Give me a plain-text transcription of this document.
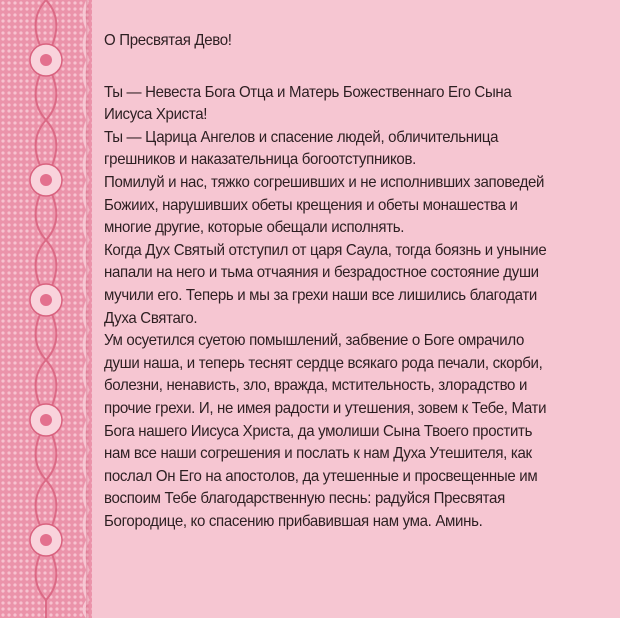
О Пресвятая Дево!
Ты — Невеста Бога Отца и Матерь Божественнаго Его Сына
Иисуса Христа!
Ты — Царица Ангелов и спасение людей, обличительница
грешников и наказательница богоотступников.
Помилуй и нас, тяжко согрешивших и не исполнивших заповедей
Божиих, нарушивших обеты крещения и обеты монашества и
многие другие, которые обещали исполнять.
Когда Дух Святый отступил от царя Саула, тогда боязнь и уныние
напали на него и тьма отчаяния и безрадостное состояние души
мучили его. Теперь и мы за грехи наши все лишились благодати
Духа Святаго.
Ум осуетился суетою помышлений, забвение о Боге омрачило
души наша, и теперь теснят сердце всякаго рода печали, скорби,
болезни, ненависть, зло, вражда, мстительность, злорадство и
прочие грехи. И, не имея радости и утешения, зовем к Тебе, Мати
Бога нашего Иисуса Христа, да умолиши Сына Твоего простить
нам все наши согрешения и послать к нам Духа Утешителя, как
послал Он Его на апостолов, да утешенные и просвещенные им
воспоим Тебе благодарственную песнь: радуйся Пресвятая
Богородице, ко спасению прибавившая нам ума. Аминь.
